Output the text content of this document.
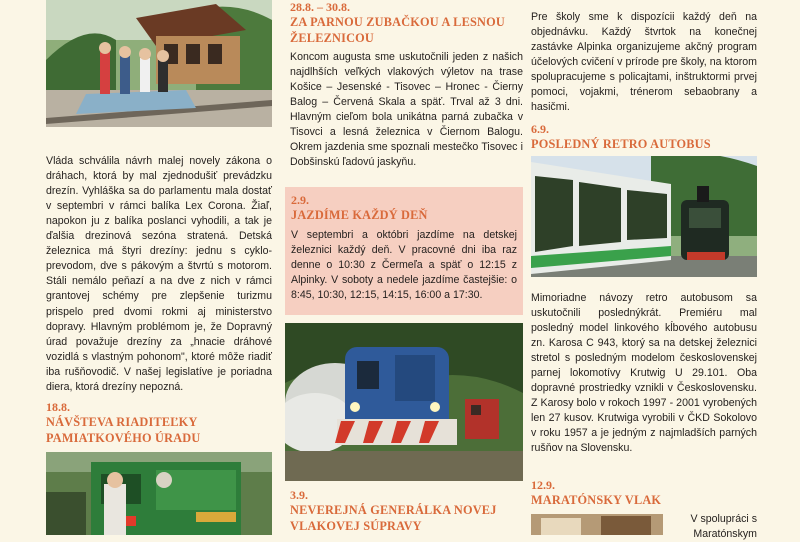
Vláda schválila návrh malej novely zákona o dráhach, ktorá by mal zjednodušiť prevádzku drezín. Vyhláška sa do parlamentu mala dostať v septembri v rámci balíka Lex Corona. Žiaľ, napokon ju z balíka poslanci vyhodili, a tak je ďalšia drezinová sezóna stratená. Detská železnica má štyri drezíny: jednu s cyklo-prevodom, dve s pákovým a štvrtú s motorom. Stáli nemálo peňazí a na dve z nich v rámci grantovej schémy pre zlepšenie turizmu prispelo pred dvomi rokmi aj ministerstvo dopravy. Hlavným problémom je, že Dopravný úrad považuje drezíny za „hnacie dráhové vozidlá s vlastným pohonom", ktoré môže riadiť iba rušňovodič. V našej legislatíve je poriadna diera, ktorá drezíny nepozná.

18.8.

NÁVŠTEVA RIADITEĽKY PAMIATKOVÉHO ÚRADU

28.8. – 30.8.

ZA PARNOU ZUBAČKOU A LESNOU ŽELEZNICOU

Koncom augusta sme uskutočnili jeden z našich najdlhších veľkých vlakových výletov na trase Košice – Jesenské - Tisovec – Hronec - Čierny Balog – Červená Skala a späť. Trval až 3 dni. Hlavným cieľom bola unikátna parná zubačka v Tisovci a lesná železnica v Čiernom Balogu. Okrem jazdenia sme spoznali mestečko Tisovec i Dobšinskú ľadovú jaskyňu.

2.9.

JAZDÍME KAŽDÝ DEŇ

V septembri a októbri jazdíme na detskej železnici každý deň. V pracovné dni iba raz denne o 10:30 z Čermeľa a späť o 12:15 z Alpinky. V soboty a nedele jazdíme častejšie: o 8:45, 10:30, 12:15, 14:15, 16:00 a 17:30.

3.9.

NEVEREJNÁ GENERÁLKA NOVEJ VLAKOVEJ SÚPRAVY

Pre školy sme k dispozícii každý deň na objednávku. Každý štvrtok na konečnej zastávke Alpinka organizujeme akčný program účelových cvičení v prírode pre školy, na ktorom spolupracujeme s policajtami, inštruktormi prvej pomoci, vojakmi, trénerom sebaobrany a hasičmi.

6.9.

POSLEDNÝ RETRO AUTOBUS

Mimoriadne návozy retro autobusom sa uskutočnili poslednýkrát. Premiéru mal posledný model linkového kĺbového autobusu zn. Karosa C 943, ktorý sa na detskej železnici stretol s posledným modelom československej parnej lokomotívy Krutwig U 29.101. Oba dopravné prostriedky vznikli v Československu. Z Karosy bolo v rokoch 1997 - 2001 vyrobených len 27 kusov. Krutwiga vyrobili v ČKD Sokolovo v roku 1957 a je jedným z najmladších parných rušňov na Slovensku.

12.9.

MARATÓNSKY VLAK

V spolupráci s Maratónskym
